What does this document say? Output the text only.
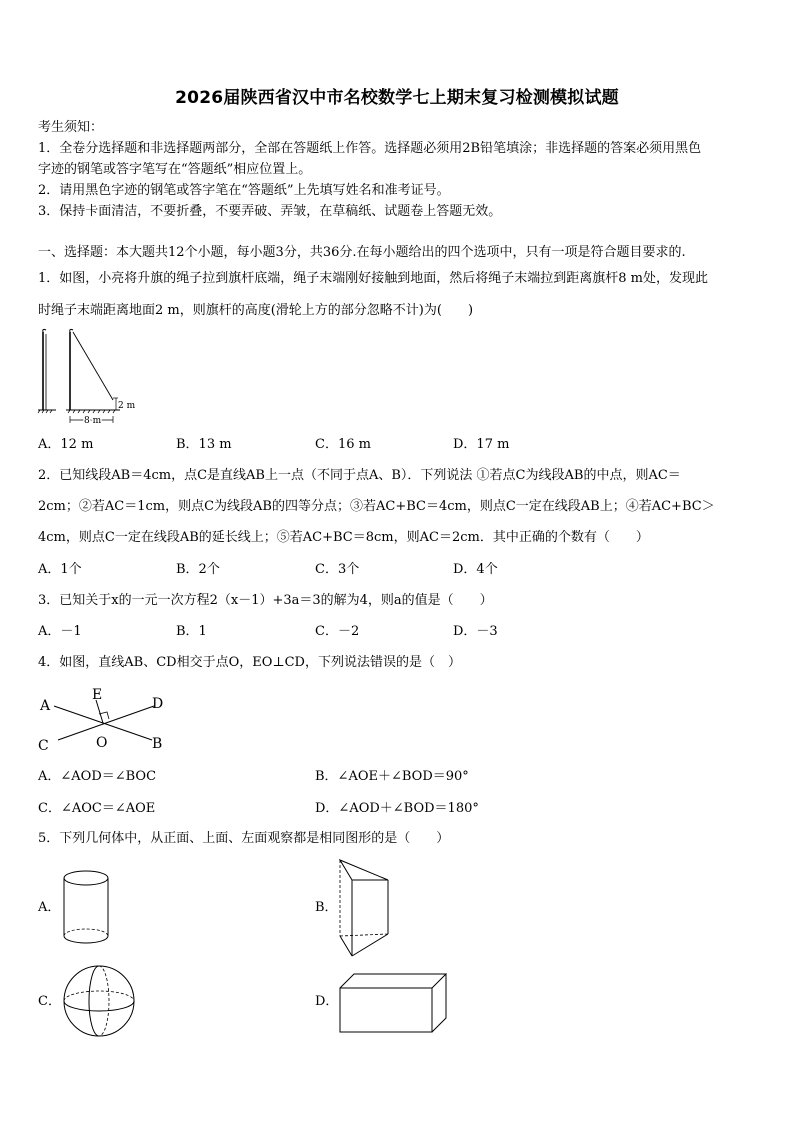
2026届陕西省汉中市名校数学七上期末复习检测模拟试题
考生须知：
1．全卷分选择题和非选择题两部分，全部在答题纸上作答。选择题必须用2B铅笔填涂；非选择题的答案必须用黑色
字迹的钢笔或答字笔写在“答题纸”相应位置上。
2．请用黑色字迹的钢笔或答字笔在“答题纸”上先填写姓名和准考证号。
3．保持卡面清洁，不要折叠，不要弄破、弄皱，在草稿纸、试题卷上答题无效。
一、选择题：本大题共12个小题，每小题3分，共36分.在每小题给出的四个选项中，只有一项是符合题目要求的.
1．如图，小亮将升旗的绳子拉到旗杆底端，绳子末端刚好接触到地面，然后将绳子末端拉到距离旗杆8 m处，发现此
时绳子末端距离地面2 m，则旗杆的高度(滑轮上方的部分忽略不计)为(　　)
2 m
8 m
A．12 m	B．13 m	C．16 m	D．17 m
2．已知线段AB＝4cm，点C是直线AB上一点（不同于点A、B）．下列说法 ①若点C为线段AB的中点，则AC＝
2cm；②若AC＝1cm，则点C为线段AB的四等分点；③若AC+BC＝4cm，则点C一定在线段AB上；④若AC+BC＞
4cm，则点C一定在线段AB的延长线上；⑤若AC+BC＝8cm，则AC＝2cm．其中正确的个数有（　　）
A．1个	B．2个	C．3个	D．4个
3．已知关于x的一元一次方程2（x－1）+3a＝3的解为4，则a的值是（　　）
A．－1	B．1	C．－2	D．－3
4．如图，直线AB、CD相交于点O，EO⊥CD，下列说法错误的是（　）
A
B
C
D
E
O
A．∠AOD＝∠BOC	B．∠AOE＋∠BOD＝90°
C．∠AOC＝∠AOE	D．∠AOD＋∠BOD＝180°
5．下列几何体中，从正面、上面、左面观察都是相同图形的是（　　）
A．	B．
C．	D．
